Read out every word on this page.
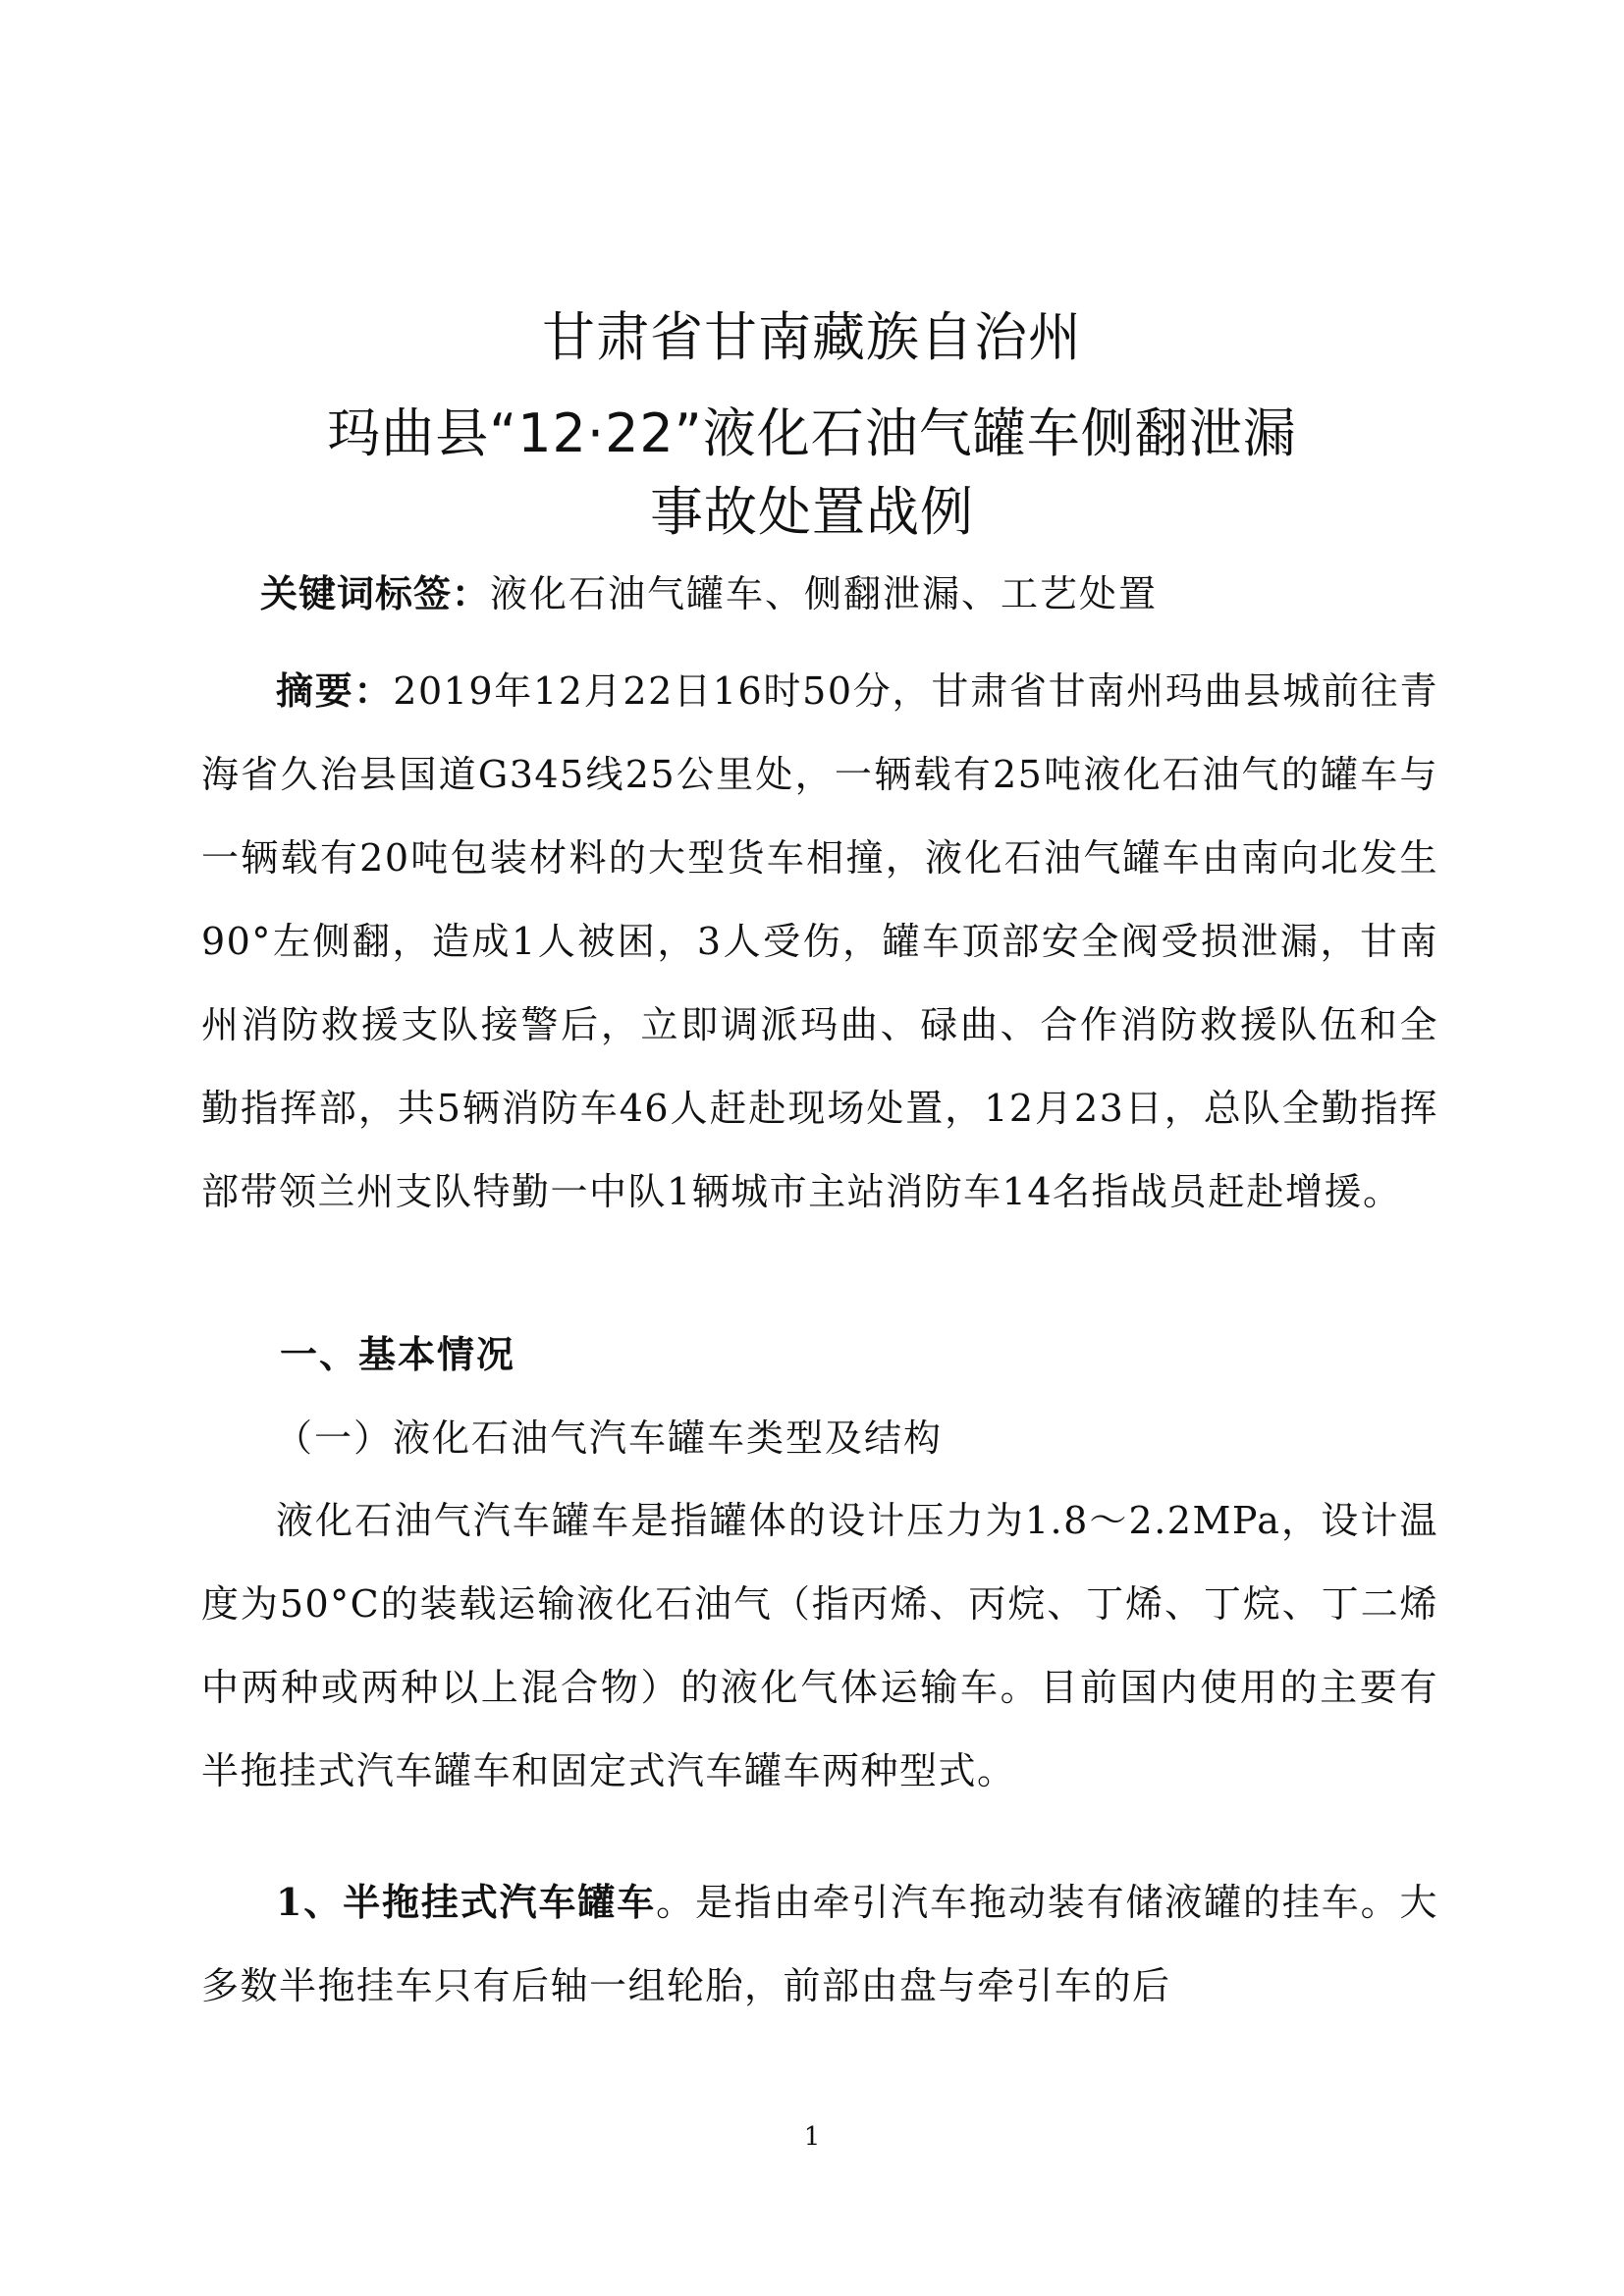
甘肃省甘南藏族自治州
玛曲县“12·22”液化石油气罐车侧翻泄漏
事故处置战例
关键词标签：液化石油气罐车、侧翻泄漏、工艺处置
摘要：2019年12月22日16时50分，甘肃省甘南州玛曲县城前往青海省久治县国道G345线25公里处，一辆载有25吨液化石油气的罐车与一辆载有20吨包装材料的大型货车相撞，液化石油气罐车由南向北发生90°左侧翻，造成1人被困，3人受伤，罐车顶部安全阀受损泄漏，甘南州消防救援支队接警后，立即调派玛曲、碌曲、合作消防救援队伍和全勤指挥部，共5辆消防车46人赶赴现场处置，12月23日，总队全勤指挥部带领兰州支队特勤一中队1辆城市主站消防车14名指战员赶赴增援。
一、基本情况
（一）液化石油气汽车罐车类型及结构
液化石油气汽车罐车是指罐体的设计压力为1.8～2.2MPa，设计温度为50°C的装载运输液化石油气（指丙烯、丙烷、丁烯、丁烷、丁二烯中两种或两种以上混合物）的液化气体运输车。目前国内使用的主要有半拖挂式汽车罐车和固定式汽车罐车两种型式。
1、半拖挂式汽车罐车。是指由牵引汽车拖动装有储液罐的挂车。大多数半拖挂车只有后轴一组轮胎，前部由盘与牵引车的后
1
